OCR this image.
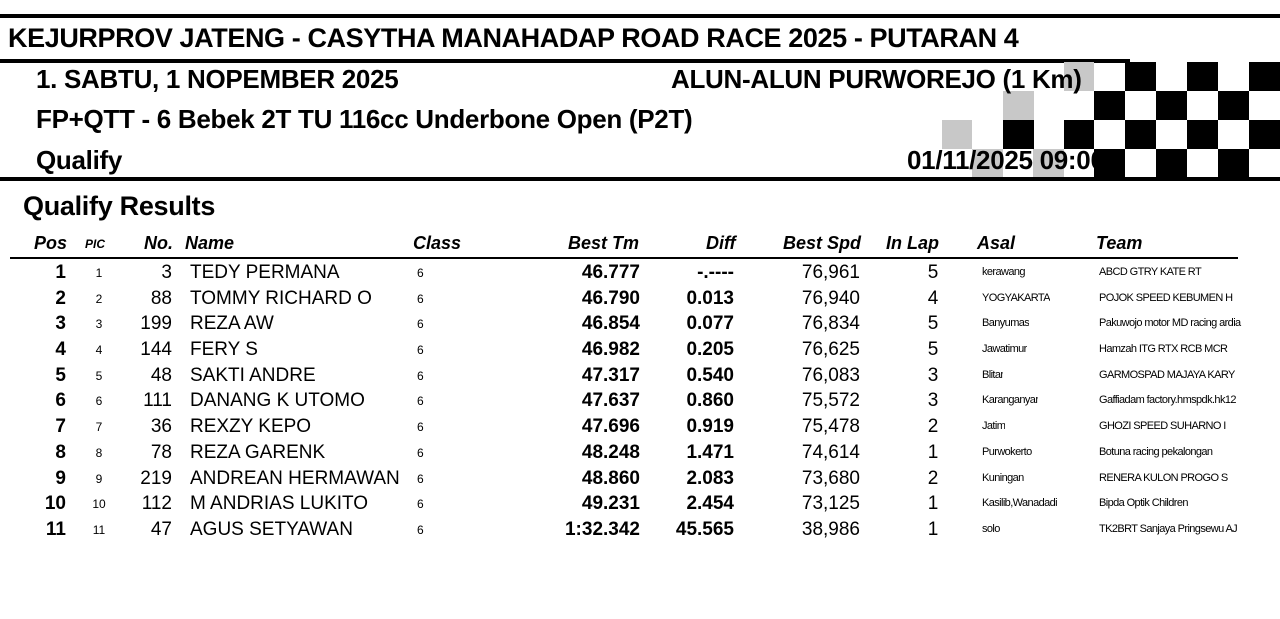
KEJURPROV JATENG - CASYTHA MANAHADAP ROAD RACE 2025 - PUTARAN 4
1. SABTU, 1 NOPEMBER 2025	ALUN-ALUN PURWOREJO (1 Km)
FP+QTT - 6 Bebek 2T TU 116cc Underbone Open (P2T)
Qualify	01/11/2025 09:00
Qualify Results
Pos PIC No. Name	Class	Best Tm	Diff	Best Spd In Lap Asal	Team
1	1	3 TEDY PERMANA	6	46.777	-.----	76,961	5	kerawang	ABCD GTRY KATE RT
2	2	88 TOMMY RICHARD O	6	46.790	0.013	76,940	4	YOGYAKARTA	POJOK SPEED KEBUMEN H
3	3	199 REZA AW	6	46.854	0.077	76,834	5	Banyumas	Pakuwojo motor MD racing ardia
4	4	144 FERY S	6	46.982	0.205	76,625	5	Jawatimur	Hamzah ITG RTX RCB MCR
5	5	48 SAKTI ANDRE	6	47.317	0.540	76,083	3	Blitar	GARMOSPAD MAJAYA KARY
6	6	111 DANANG K UTOMO	6	47.637	0.860	75,572	3	Karanganyar	Gaffiadam factory.hmspdk.hk12
7	7	36 REXZY KEPO	6	47.696	0.919	75,478	2	Jatim	GHOZI SPEED SUHARNO I
8	8	78 REZA GARENK	6	48.248	1.471	74,614	1	Purwokerto	Botuna racing pekalongan
9	9	219 ANDREAN HERMAWAN 6	48.860	2.083	73,680	2	Kuningan	RENERA KULON PROGO S
10	10	112 M ANDRIAS LUKITO	6	49.231	2.454	73,125	1	Kasilib,Wanadadi	Bipda Optik Children
11	11	47 AGUS SETYAWAN	6	1:32.342	45.565	38,986	1	solo	TK2BRT Sanjaya Pringsewu AJ
